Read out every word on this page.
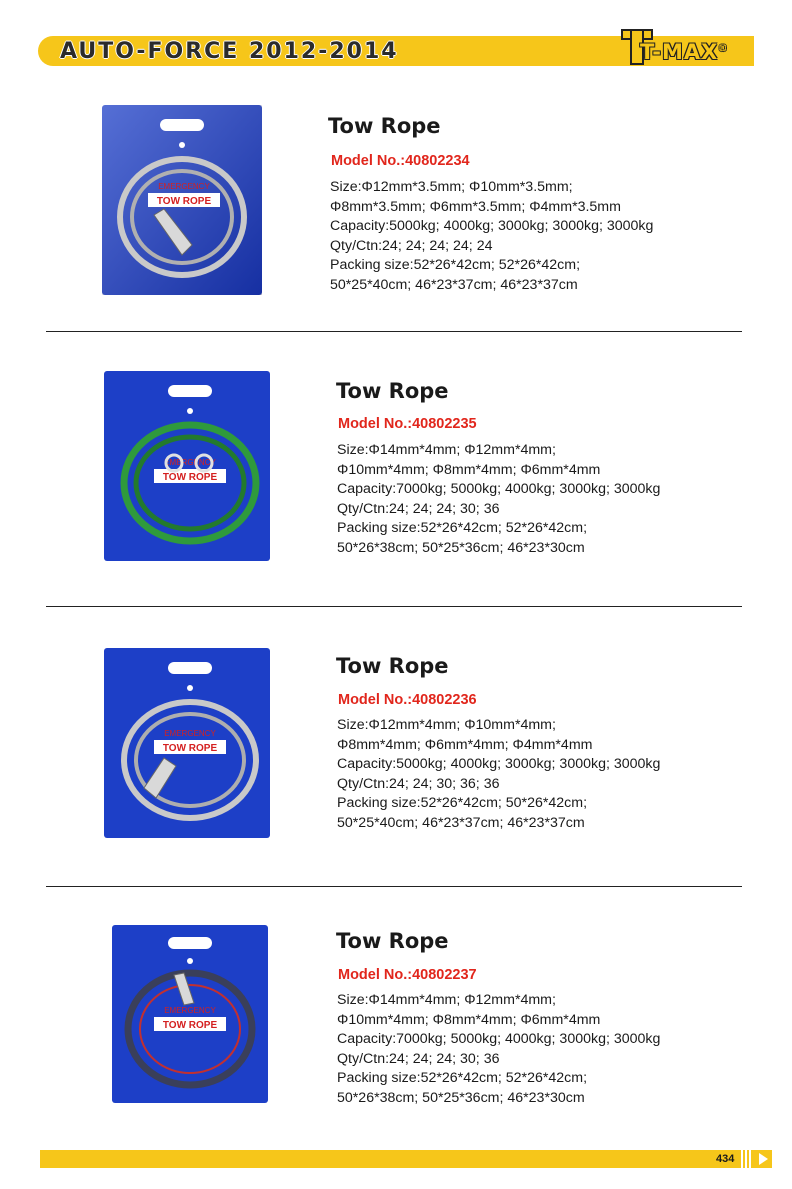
AUTO-FORCE 2012-2014	T-MAX®
TOW ROPE
EMERGENCY
Tow Rope
Model No.:40802234
Size:Φ12mm*3.5mm; Φ10mm*3.5mm;
Φ8mm*3.5mm; Φ6mm*3.5mm; Φ4mm*3.5mm
Capacity:5000kg; 4000kg; 3000kg; 3000kg; 3000kg
Qty/Ctn:24; 24; 24; 24; 24
Packing size:52*26*42cm; 52*26*42cm;
50*25*40cm; 46*23*37cm; 46*23*37cm
TOW ROPE
EMERGENCY
Tow Rope
Model No.:40802235
Size:Φ14mm*4mm; Φ12mm*4mm;
Φ10mm*4mm; Φ8mm*4mm; Φ6mm*4mm
Capacity:7000kg; 5000kg; 4000kg; 3000kg; 3000kg
Qty/Ctn:24; 24; 24; 30; 36
Packing size:52*26*42cm; 52*26*42cm;
50*26*38cm; 50*25*36cm; 46*23*30cm
TOW ROPE
EMERGENCY
Tow Rope
Model No.:40802236
Size:Φ12mm*4mm; Φ10mm*4mm;
Φ8mm*4mm; Φ6mm*4mm; Φ4mm*4mm
Capacity:5000kg; 4000kg; 3000kg; 3000kg; 3000kg
Qty/Ctn:24; 24; 30; 36; 36
Packing size:52*26*42cm; 50*26*42cm;
50*25*40cm; 46*23*37cm; 46*23*37cm
TOW ROPE
EMERGENCY
Tow Rope
Model No.:40802237
Size:Φ14mm*4mm; Φ12mm*4mm;
Φ10mm*4mm; Φ8mm*4mm; Φ6mm*4mm
Capacity:7000kg; 5000kg; 4000kg; 3000kg; 3000kg
Qty/Ctn:24; 24; 24; 30; 36
Packing size:52*26*42cm; 52*26*42cm;
50*26*38cm; 50*25*36cm; 46*23*30cm
434
